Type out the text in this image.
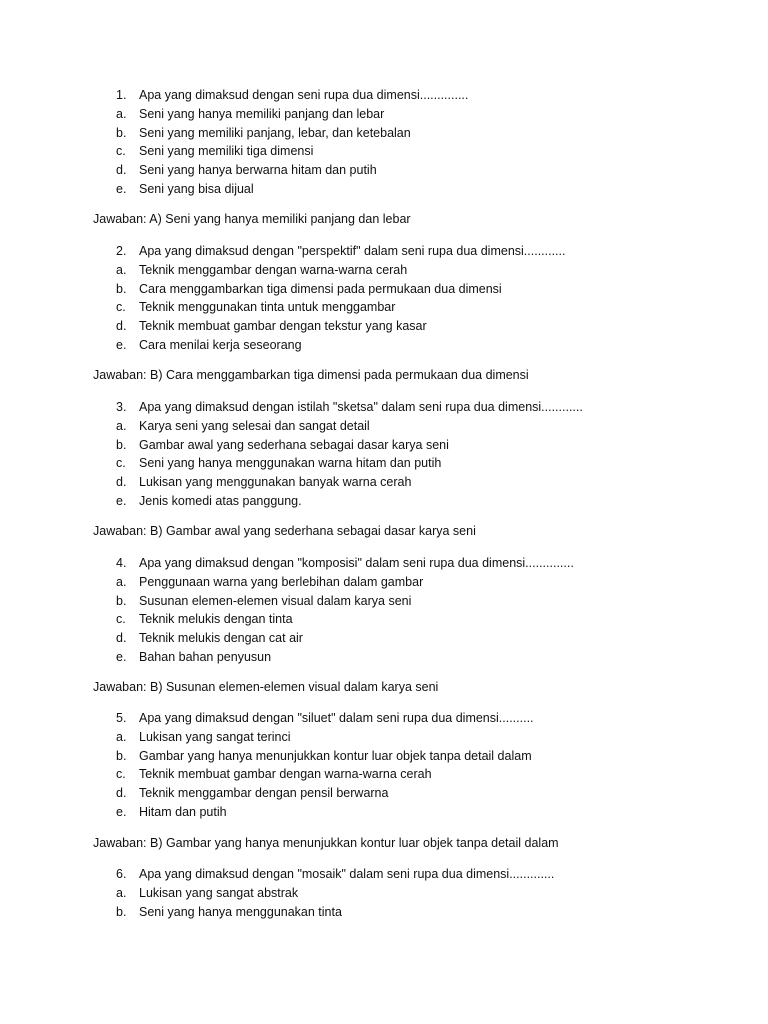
1.	Apa yang dimaksud dengan seni rupa dua dimensi..............
a.	Seni yang hanya memiliki panjang dan lebar
b.	Seni yang memiliki panjang, lebar, dan ketebalan
c.	Seni yang memiliki tiga dimensi
d.	Seni yang hanya berwarna hitam dan putih
e.	Seni yang bisa dijual
Jawaban: A) Seni yang hanya memiliki panjang dan lebar
2.	Apa yang dimaksud dengan "perspektif" dalam seni rupa dua dimensi............
a.	Teknik menggambar dengan warna-warna cerah
b.	Cara menggambarkan tiga dimensi pada permukaan dua dimensi
c.	Teknik menggunakan tinta untuk menggambar
d.	Teknik membuat gambar dengan tekstur yang kasar
e.	Cara menilai kerja seseorang
Jawaban: B) Cara menggambarkan tiga dimensi pada permukaan dua dimensi
3.	Apa yang dimaksud dengan istilah "sketsa" dalam seni rupa dua dimensi............
a.	Karya seni yang selesai dan sangat detail
b.	Gambar awal yang sederhana sebagai dasar karya seni
c.	Seni yang hanya menggunakan warna hitam dan putih
d.	Lukisan yang menggunakan banyak warna cerah
e.	Jenis komedi atas panggung.
Jawaban: B) Gambar awal yang sederhana sebagai dasar karya seni
4.	Apa yang dimaksud dengan "komposisi" dalam seni rupa dua dimensi..............
a.	Penggunaan warna yang berlebihan dalam gambar
b.	Susunan elemen-elemen visual dalam karya seni
c.	Teknik melukis dengan tinta
d.	Teknik melukis dengan cat air
e.	Bahan bahan penyusun
Jawaban: B) Susunan elemen-elemen visual dalam karya seni
5.	Apa yang dimaksud dengan "siluet" dalam seni rupa dua dimensi..........
a.	Lukisan yang sangat terinci
b.	Gambar yang hanya menunjukkan kontur luar objek tanpa detail dalam
c.	Teknik membuat gambar dengan warna-warna cerah
d.	Teknik menggambar dengan pensil berwarna
e.	Hitam dan putih
Jawaban: B) Gambar yang hanya menunjukkan kontur luar objek tanpa detail dalam
6.	Apa yang dimaksud dengan "mosaik" dalam seni rupa dua dimensi.............
a.	Lukisan yang sangat abstrak
b.	Seni yang hanya menggunakan tinta
